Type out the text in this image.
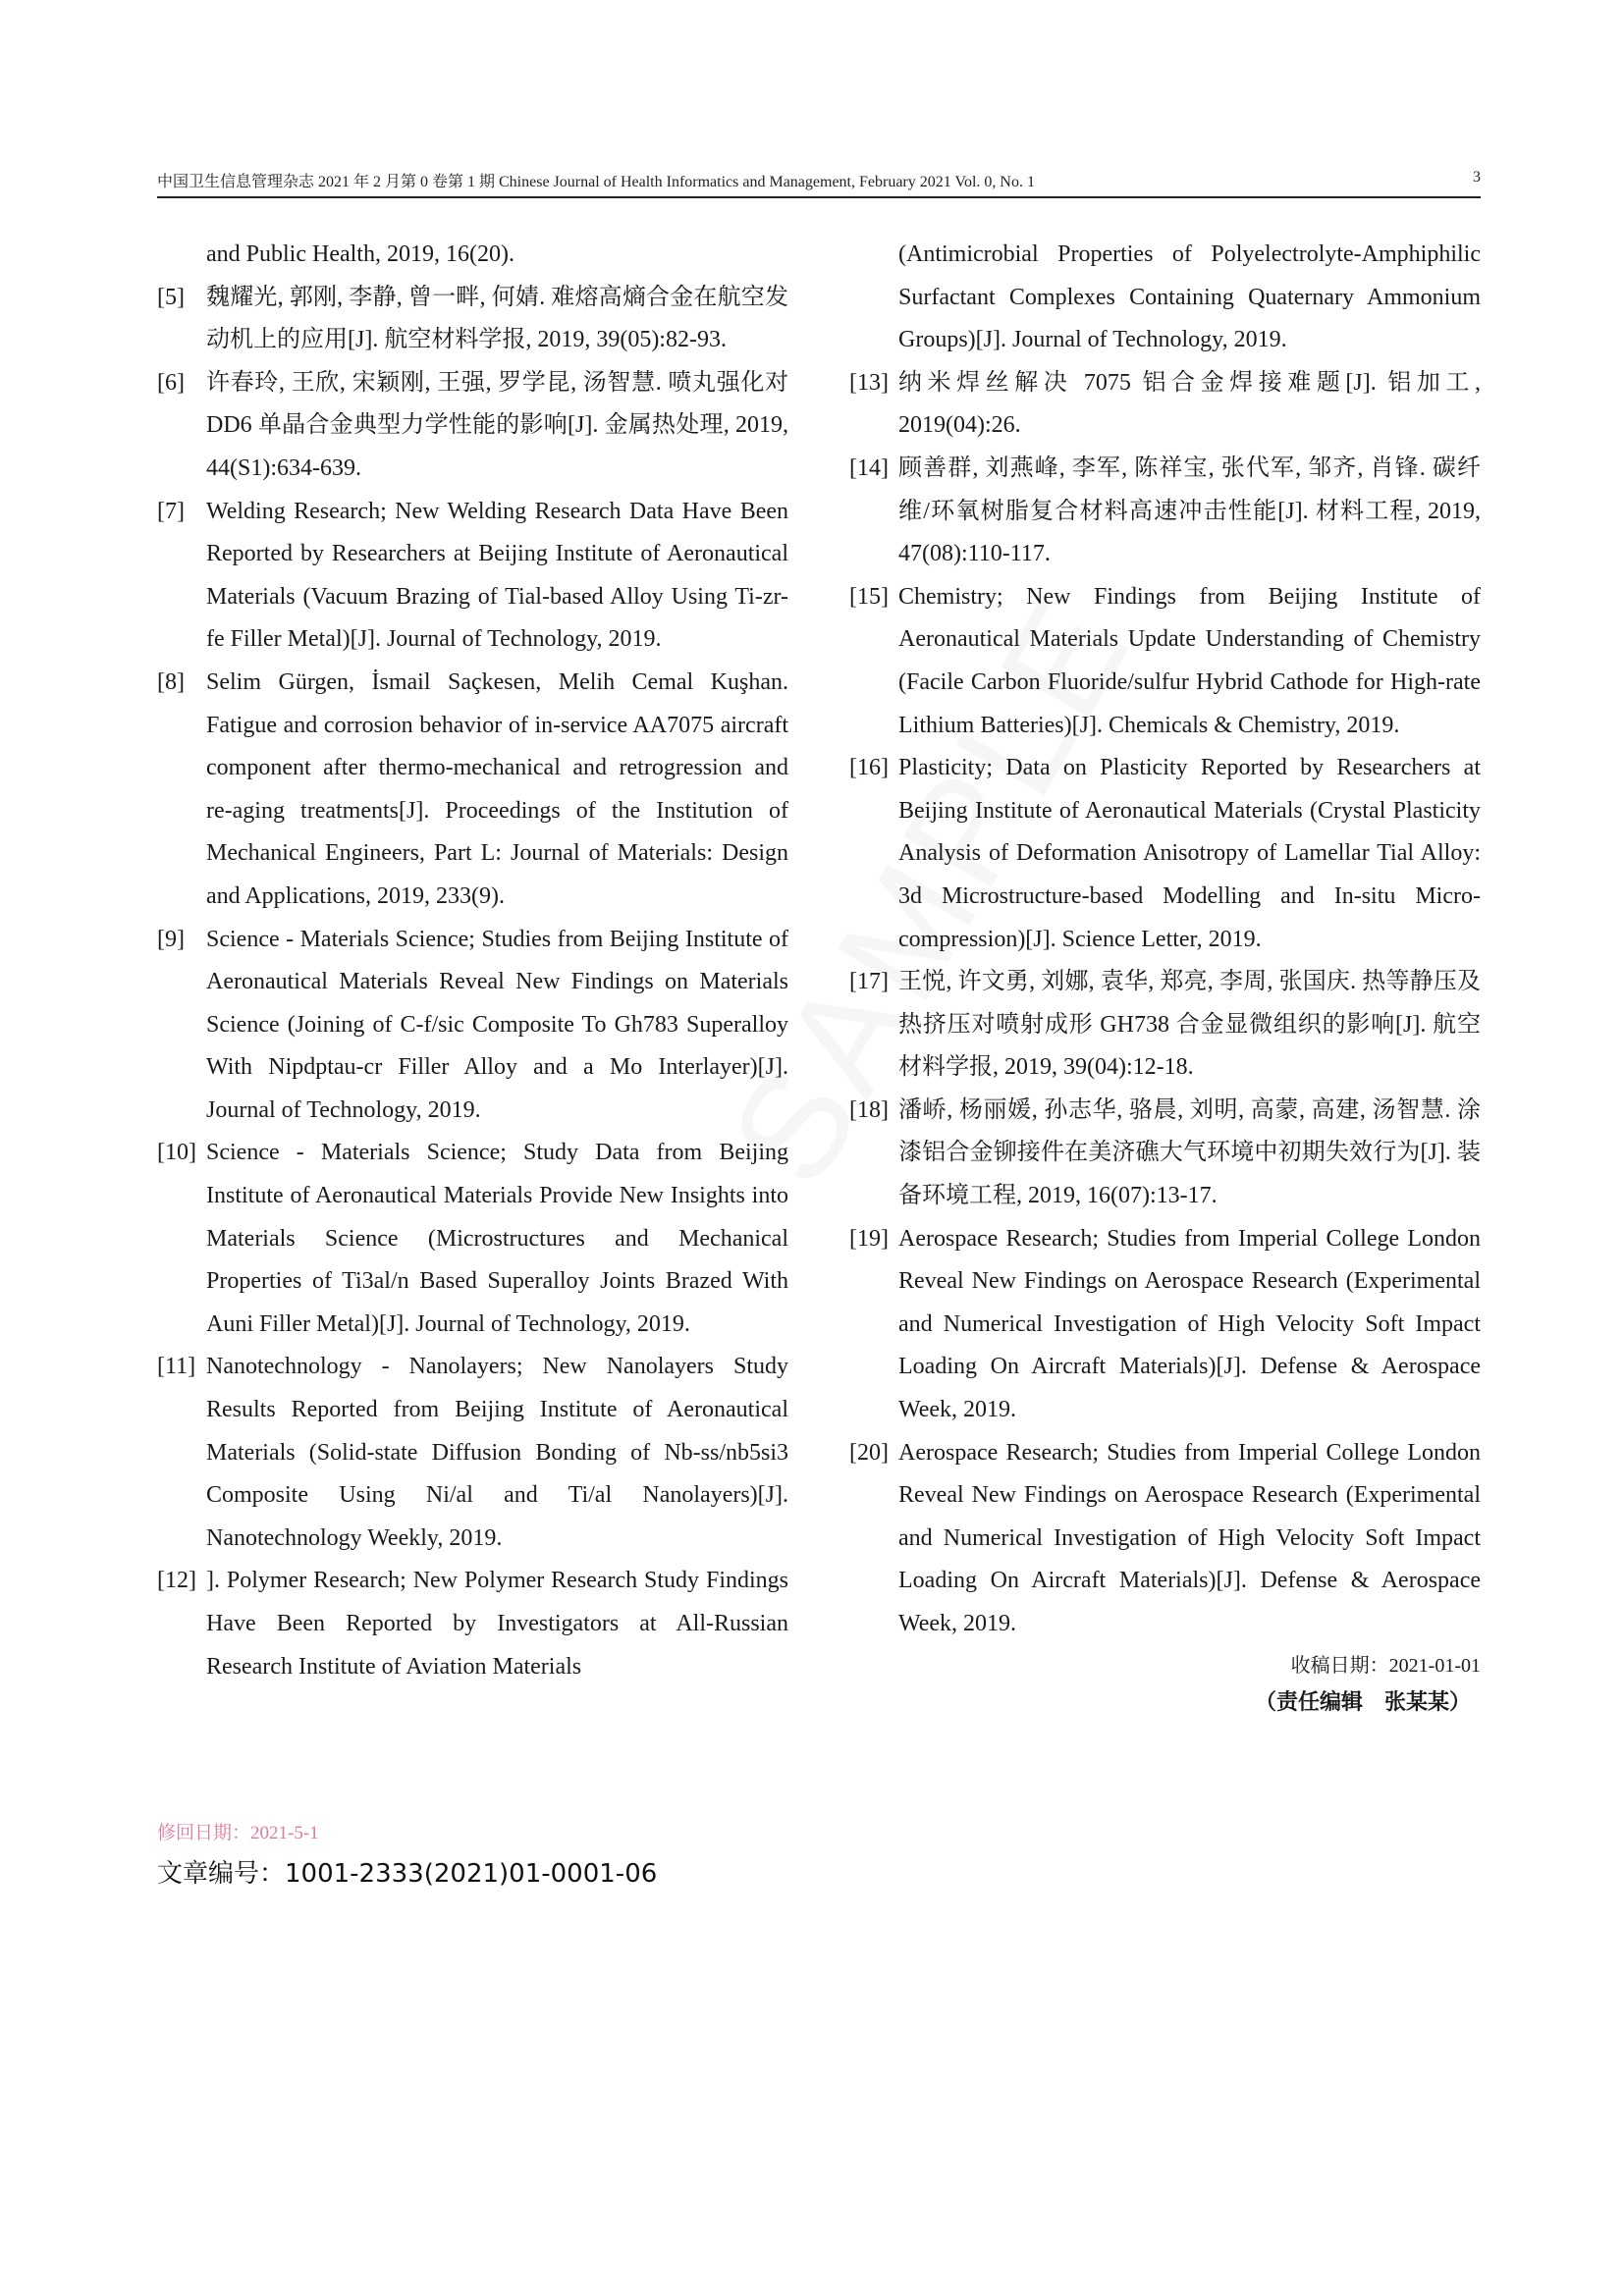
中国卫生信息管理杂志 2021 年 2 月第 0 卷第 1 期 Chinese Journal of Health Informatics and Management, February 2021 Vol. 0, No. 1	3

and Public Health, 2019, 16(20).

[5] 魏耀光, 郭刚, 李静, 曾一畔, 何婧. 难熔高熵合金在航空发动机上的应用[J]. 航空材料学报, 2019, 39(05):82-93.

[6] 许春玲, 王欣, 宋颖刚, 王强, 罗学昆, 汤智慧. 喷丸强化对 DD6 单晶合金典型力学性能的影响[J]. 金属热处理, 2019, 44(S1):634-639.

[7] Welding Research; New Welding Research Data Have Been Reported by Researchers at Beijing Institute of Aeronautical Materials (Vacuum Brazing of Tial-based Alloy Using Ti-zr-fe Filler Metal)[J]. Journal of Technology, 2019.

[8] Selim Gürgen, İsmail Saçkesen, Melih Cemal Kuşhan. Fatigue and corrosion behavior of in-service AA7075 aircraft component after thermo-mechanical and retrogression and re-aging treatments[J]. Proceedings of the Institution of Mechanical Engineers, Part L: Journal of Materials: Design and Applications, 2019, 233(9).

[9] Science - Materials Science; Studies from Beijing Institute of Aeronautical Materials Reveal New Findings on Materials Science (Joining of C-f/sic Composite To Gh783 Superalloy With Nipdptau-cr Filler Alloy and a Mo Interlayer)[J]. Journal of Technology, 2019.

[10] Science - Materials Science; Study Data from Beijing Institute of Aeronautical Materials Provide New Insights into Materials Science (Microstructures and Mechanical Properties of Ti3al/n Based Superalloy Joints Brazed With Auni Filler Metal)[J]. Journal of Technology, 2019.

[11] Nanotechnology - Nanolayers; New Nanolayers Study Results Reported from Beijing Institute of Aeronautical Materials (Solid-state Diffusion Bonding of Nb-ss/nb5si3 Composite Using Ni/al and Ti/al Nanolayers)[J]. Nanotechnology Weekly, 2019.

[12] ]. Polymer Research; New Polymer Research Study Findings Have Been Reported by Investigators at All-Russian Research Institute of Aviation Materials

(Antimicrobial Properties of Polyelectrolyte-Amphiphilic Surfactant Complexes Containing Quaternary Ammonium Groups)[J]. Journal of Technology, 2019.

[13] 纳米焊丝解决 7075 铝合金焊接难题[J]. 铝加工, 2019(04):26.

[14] 顾善群, 刘燕峰, 李军, 陈祥宝, 张代军, 邹齐, 肖锋. 碳纤维/环氧树脂复合材料高速冲击性能[J]. 材料工程, 2019, 47(08):110-117.

[15] Chemistry; New Findings from Beijing Institute of Aeronautical Materials Update Understanding of Chemistry (Facile Carbon Fluoride/sulfur Hybrid Cathode for High-rate Lithium Batteries)[J]. Chemicals & Chemistry, 2019.

[16] Plasticity; Data on Plasticity Reported by Researchers at Beijing Institute of Aeronautical Materials (Crystal Plasticity Analysis of Deformation Anisotropy of Lamellar Tial Alloy: 3d Microstructure-based Modelling and In-situ Micro-compression)[J]. Science Letter, 2019.

[17] 王悦, 许文勇, 刘娜, 袁华, 郑亮, 李周, 张国庆. 热等静压及热挤压对喷射成形 GH738 合金显微组织的影响[J]. 航空材料学报, 2019, 39(04):12-18.

[18] 潘峤, 杨丽媛, 孙志华, 骆晨, 刘明, 高蒙, 高建, 汤智慧. 涂漆铝合金铆接件在美济礁大气环境中初期失效行为[J]. 装备环境工程, 2019, 16(07):13-17.

[19] Aerospace Research; Studies from Imperial College London Reveal New Findings on Aerospace Research (Experimental and Numerical Investigation of High Velocity Soft Impact Loading On Aircraft Materials)[J]. Defense & Aerospace Week, 2019.

[20] Aerospace Research; Studies from Imperial College London Reveal New Findings on Aerospace Research (Experimental and Numerical Investigation of High Velocity Soft Impact Loading On Aircraft Materials)[J]. Defense & Aerospace Week, 2019.

收稿日期：2021-01-01
（责任编辑　张某某）
修回日期：2021-5-1
文章编号：1001-2333(2021)01-0001-06
